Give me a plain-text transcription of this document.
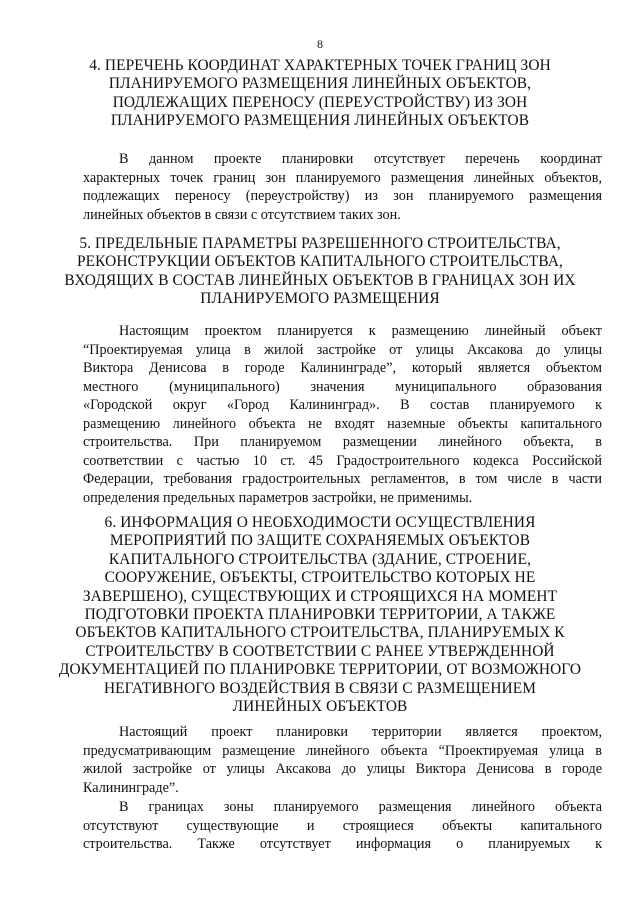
8
4. ПЕРЕЧЕНЬ КООРДИНАТ ХАРАКТЕРНЫХ ТОЧЕК ГРАНИЦ ЗОН
ПЛАНИРУЕМОГО РАЗМЕЩЕНИЯ ЛИНЕЙНЫХ ОБЪЕКТОВ,
ПОДЛЕЖАЩИХ ПЕРЕНОСУ (ПЕРЕУСТРОЙСТВУ) ИЗ ЗОН
ПЛАНИРУЕМОГО РАЗМЕЩЕНИЯ ЛИНЕЙНЫХ ОБЪЕКТОВ
В данном проекте планировки отсутствует перечень координат
характерных точек границ зон планируемого размещения линейных объектов,
подлежащих переносу (переустройству) из зон планируемого размещения
линейных объектов в связи с отсутствием таких зон.
5. ПРЕДЕЛЬНЫЕ ПАРАМЕТРЫ РАЗРЕШЕННОГО СТРОИТЕЛЬСТВА,
РЕКОНСТРУКЦИИ ОБЪЕКТОВ КАПИТАЛЬНОГО СТРОИТЕЛЬСТВА,
ВХОДЯЩИХ В СОСТАВ ЛИНЕЙНЫХ ОБЪЕКТОВ В ГРАНИЦАХ ЗОН ИХ
ПЛАНИРУЕМОГО РАЗМЕЩЕНИЯ
Настоящим проектом планируется к размещению линейный объект
“Проектируемая улица в жилой застройке от улицы Аксакова до улицы
Виктора Денисова в городе Калининграде”, который является объектом
местного (муниципального) значения муниципального образования
«Городской округ «Город Калининград». В состав планируемого к
размещению линейного объекта не входят наземные объекты капитального
строительства. При планируемом размещении линейного объекта, в
соответствии с частью 10 ст. 45 Градостроительного кодекса Российской
Федерации, требования градостроительных регламентов, в том числе в части
определения предельных параметров застройки, не применимы.
6. ИНФОРМАЦИЯ О НЕОБХОДИМОСТИ ОСУЩЕСТВЛЕНИЯ
МЕРОПРИЯТИЙ ПО ЗАЩИТЕ СОХРАНЯЕМЫХ ОБЪЕКТОВ
КАПИТАЛЬНОГО СТРОИТЕЛЬСТВА (ЗДАНИЕ, СТРОЕНИЕ,
СООРУЖЕНИЕ, ОБЪЕКТЫ, СТРОИТЕЛЬСТВО КОТОРЫХ НЕ
ЗАВЕРШЕНО), СУЩЕСТВУЮЩИХ И СТРОЯЩИХСЯ НА МОМЕНТ
ПОДГОТОВКИ ПРОЕКТА ПЛАНИРОВКИ ТЕРРИТОРИИ, А ТАКЖЕ
ОБЪЕКТОВ КАПИТАЛЬНОГО СТРОИТЕЛЬСТВА, ПЛАНИРУЕМЫХ К
СТРОИТЕЛЬСТВУ В СООТВЕТСТВИИ С РАНЕЕ УТВЕРЖДЕННОЙ
ДОКУМЕНТАЦИЕЙ ПО ПЛАНИРОВКЕ ТЕРРИТОРИИ, ОТ ВОЗМОЖНОГО
НЕГАТИВНОГО ВОЗДЕЙСТВИЯ В СВЯЗИ С РАЗМЕЩЕНИЕМ
ЛИНЕЙНЫХ ОБЪЕКТОВ
Настоящий проект планировки территории является проектом,
предусматривающим размещение линейного объекта “Проектируемая улица в
жилой застройке от улицы Аксакова до улицы Виктора Денисова в городе
Калининграде”.
В границах зоны планируемого размещения линейного объекта
отсутствуют существующие и строящиеся объекты капитального
строительства. Также отсутствует информация о планируемых к
